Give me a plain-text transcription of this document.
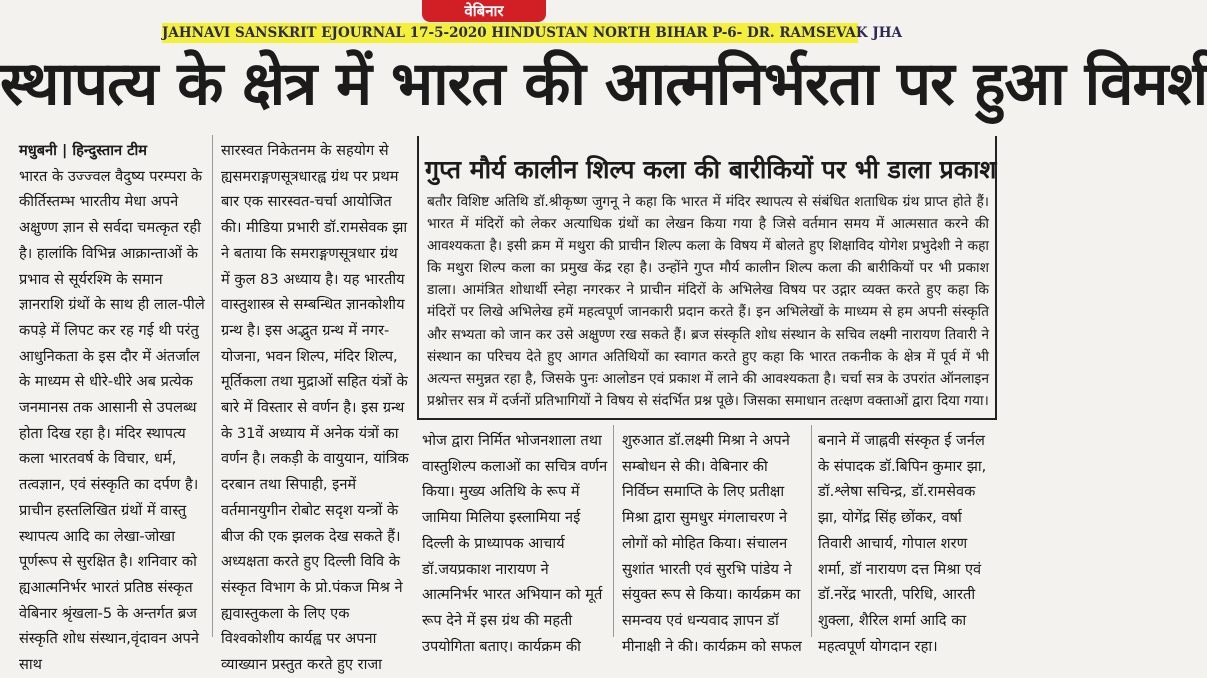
वेबिनार
JAHNAVI SANSKRIT EJOURNAL 17-5-2020 HINDUSTAN NORTH BIHAR P-6- DR. RAMSEVAK JHA
स्थापत्य के क्षेत्र में भारत की आत्मनिर्भरता पर हुआ विमर्श

मधुबनी | हिन्दुस्तान टीम

भारत के उज्ज्वल वैदुष्य परम्परा के कीर्तिस्तम्भ भारतीय मेधा अपने अक्षुण्ण ज्ञान से सर्वदा चमत्कृत रही है। हालांकि विभिन्न आक्रान्ताओं के प्रभाव से सूर्यरश्मि के समान ज्ञानराशि ग्रंथों के साथ ही लाल-पीले कपड़े में लिपट कर रह गई थी परंतु आधुनिकता के इस दौर में अंतर्जाल के माध्यम से धीरे-धीरे अब प्रत्येक जनमानस तक आसानी से उपलब्ध होता दिख रहा है। मंदिर स्थापत्य कला भारतवर्ष के विचार, धर्म, तत्वज्ञान, एवं संस्कृति का दर्पण है। प्राचीन हस्तलिखित ग्रंथों में वास्तु स्थापत्य आदि का लेखा-जोखा पूर्णरूप से सुरक्षित है। शनिवार को ह्यआत्मनिर्भर भारतं प्रतिष्ठ संस्कृत वेबिनार श्रृंखला-5 के अन्तर्गत ब्रज संस्कृति शोध संस्थान,वृंदावन अपने साथ

सारस्वत निकेतनम के सहयोग से ह्यसमराङ्गणसूत्रधारह्व ग्रंथ पर प्रथम बार एक सारस्वत-चर्चा आयोजित की। मीडिया प्रभारी डॉ.रामसेवक झा ने बताया कि समराङ्गणसूत्रधार ग्रंथ में कुल 83 अध्याय है। यह भारतीय वास्तुशास्त्र से सम्बन्धित ज्ञानकोशीय ग्रन्थ है। इस अद्भुत ग्रन्थ में नगर-योजना, भवन शिल्प, मंदिर शिल्प, मूर्तिकला तथा मुद्राओं सहित यंत्रों के बारे में विस्तार से वर्णन है। इस ग्रन्थ के 31वें अध्याय में अनेक यंत्रों का वर्णन है। लकड़ी के वायुयान, यांत्रिक दरबान तथा सिपाही, इनमें वर्तमानयुगीन रोबोट सदृश यन्त्रों के बीज की एक झलक देख सकते हैं। अध्यक्षता करते हुए दिल्ली विवि के संस्कृत विभाग के प्रो.पंकज मिश्र ने ह्यवास्तुकला के लिए एक विश्वकोशीय कार्यह्व पर अपना व्याख्यान प्रस्तुत करते हुए राजा

गुप्त मौर्य कालीन शिल्प कला की बारीकियों पर भी डाला प्रकाश
बतौर विशिष्ट अतिथि डॉ.श्रीकृष्ण जुगनू ने कहा कि भारत में मंदिर स्थापत्य से संबंधित शताधिक ग्रंथ प्राप्त होते हैं। भारत में मंदिरों को लेकर अत्याधिक ग्रंथों का लेखन किया गया है जिसे वर्तमान समय में आत्मसात करने की आवश्यकता है। इसी क्रम में मथुरा की प्राचीन शिल्प कला के विषय में बोलते हुए शिक्षाविद योगेश प्रभुदेशी ने कहा कि मथुरा शिल्प कला का प्रमुख केंद्र रहा है। उन्होंने गुप्त मौर्य कालीन शिल्प कला की बारीकियों पर भी प्रकाश डाला। आमंत्रित शोधार्थी स्नेहा नगरकर ने प्राचीन मंदिरों के अभिलेख विषय पर उद्गार व्यक्त करते हुए कहा कि मंदिरों पर लिखे अभिलेख हमें महत्वपूर्ण जानकारी प्रदान करते हैं। इन अभिलेखों के माध्यम से हम अपनी संस्कृति और सभ्यता को जान कर उसे अक्षुण्ण रख सकते हैं। ब्रज संस्कृति शोध संस्थान के सचिव लक्ष्मी नारायण तिवारी ने संस्थान का परिचय देते हुए आगत अतिथियों का स्वागत करते हुए कहा कि भारत तकनीक के क्षेत्र में पूर्व में भी अत्यन्त समुन्नत रहा है, जिसके पुनः आलोडन एवं प्रकाश में लाने की आवश्यकता है। चर्चा सत्र के उपरांत ऑनलाइन प्रश्नोत्तर सत्र में दर्जनों प्रतिभागियों ने विषय से संदर्भित प्रश्न पूछे। जिसका समाधान तत्क्षण वक्ताओं द्वारा दिया गया।

भोज द्वारा निर्मित भोजनशाला तथा वास्तुशिल्प कलाओं का सचित्र वर्णन किया। मुख्य अतिथि के रूप में जामिया मिलिया इस्लामिया नई दिल्ली के प्राध्यापक आचार्य डॉ.जयप्रकाश नारायण ने आत्मनिर्भर भारत अभियान को मूर्त रूप देने में इस ग्रंथ की महती उपयोगिता बताए। कार्यक्रम की

शुरुआत डॉ.लक्ष्मी मिश्रा ने अपने सम्बोधन से की। वेबिनार की निर्विघ्न समाप्ति के लिए प्रतीक्षा मिश्रा द्वारा सुमधुर मंगलाचरण ने लोगों को मोहित किया। संचालन सुशांत भारती एवं सुरभि पांडेय ने संयुक्त रूप से किया। कार्यक्रम का समन्वय एवं धन्यवाद ज्ञापन डॉ मीनाक्षी ने की। कार्यक्रम को सफल

बनाने में जाह्नवी संस्कृत ई जर्नल के संपादक डॉ.बिपिन कुमार झा, डॉ.श्लेषा सचिन्द्र, डॉ.रामसेवक झा, योगेंद्र सिंह छोंकर, वर्षा तिवारी आचार्य, गोपाल शरण शर्मा, डॉ नारायण दत्त मिश्रा एवं डॉ.नरेंद्र भारती, परिधि, आरती शुक्ला, शैरिल शर्मा आदि का महत्वपूर्ण योगदान रहा।
